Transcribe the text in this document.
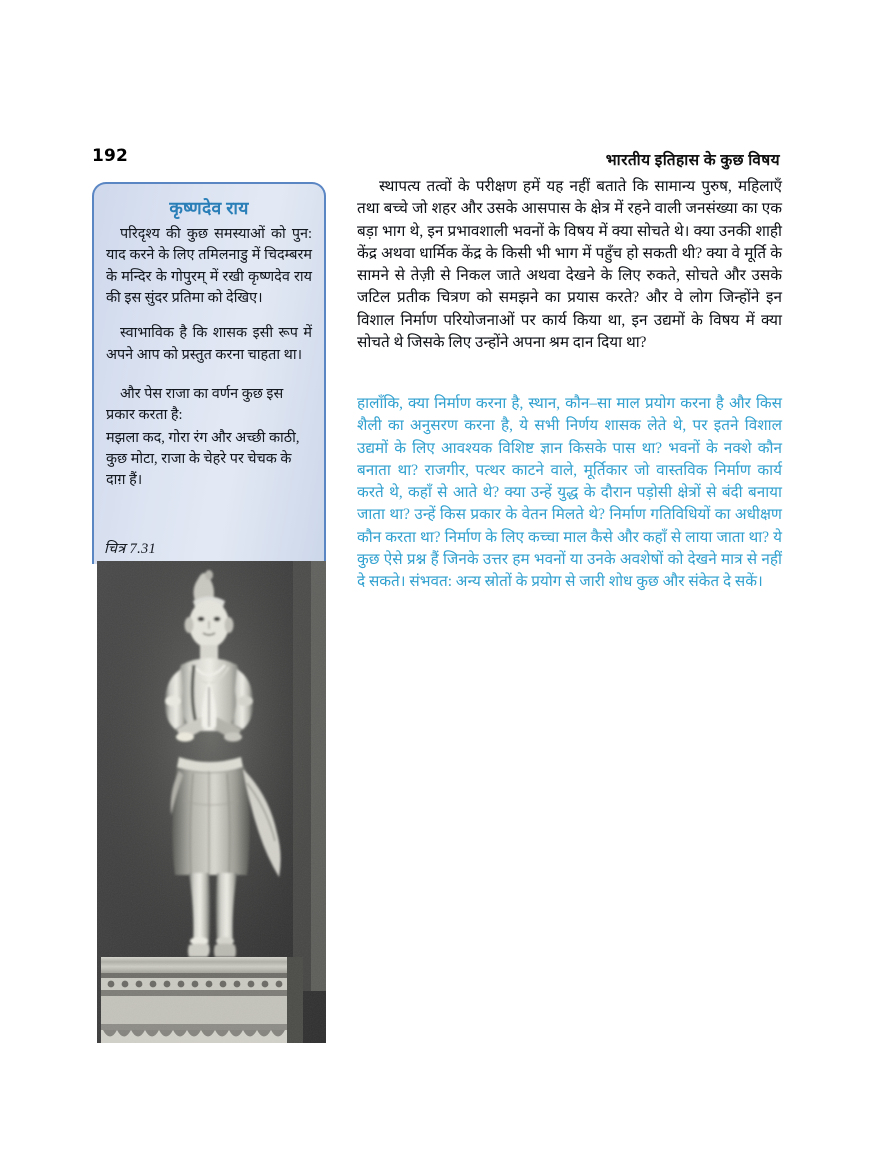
192	भारतीय इतिहास के कुछ विषय
कृष्णदेव राय

परिदृश्य की कुछ समस्याओं को पुन: याद करने के लिए तमिलनाडु में चिदम्बरम के मन्दिर के गोपुरम् में रखी कृष्णदेव राय की इस सुंदर प्रतिमा को देखिए।

स्वाभाविक है कि शासक इसी रूप में अपने आप को प्रस्तुत करना चाहता था।

और पेस राजा का वर्णन कुछ इस प्रकार करता है:

मझला कद, गोरा रंग और अच्छी काठी, कुछ मोटा, राजा के चेहरे पर चेचक के दाग़ हैं।

चित्र 7.31

स्थापत्य तत्वों के परीक्षण हमें यह नहीं बताते कि सामान्य पुरुष, महिलाएँ तथा बच्चे जो शहर और उसके आसपास के क्षेत्र में रहने वाली जनसंख्या का एक बड़ा भाग थे, इन प्रभावशाली भवनों के विषय में क्या सोचते थे। क्या उनकी शाही केंद्र अथवा धार्मिक केंद्र के किसी भी भाग में पहुँच हो सकती थी? क्या वे मूर्ति के सामने से तेज़ी से निकल जाते अथवा देखने के लिए रुकते, सोचते और उसके जटिल प्रतीक चित्रण को समझने का प्रयास करते? और वे लोग जिन्होंने इन विशाल निर्माण परियोजनाओं पर कार्य किया था, इन उद्यमों के विषय में क्या सोचते थे जिसके लिए उन्होंने अपना श्रम दान दिया था?

हालाँकि, क्या निर्माण करना है, स्थान, कौन–सा माल प्रयोग करना है और किस शैली का अनुसरण करना है, ये सभी निर्णय शासक लेते थे, पर इतने विशाल उद्यमों के लिए आवश्यक विशिष्ट ज्ञान किसके पास था? भवनों के नक्शे कौन बनाता था? राजगीर, पत्थर काटने वाले, मूर्तिकार जो वास्तविक निर्माण कार्य करते थे, कहाँ से आते थे? क्या उन्हें युद्ध के दौरान पड़ोसी क्षेत्रों से बंदी बनाया जाता था? उन्हें किस प्रकार के वेतन मिलते थे? निर्माण गतिविधियों का अधीक्षण कौन करता था? निर्माण के लिए कच्चा माल कैसे और कहाँ से लाया जाता था? ये कुछ ऐसे प्रश्न हैं जिनके उत्तर हम भवनों या उनके अवशेषों को देखने मात्र से नहीं दे सकते। संभवत: अन्य स्रोतों के प्रयोग से जारी शोध कुछ और संकेत दे सकें।
